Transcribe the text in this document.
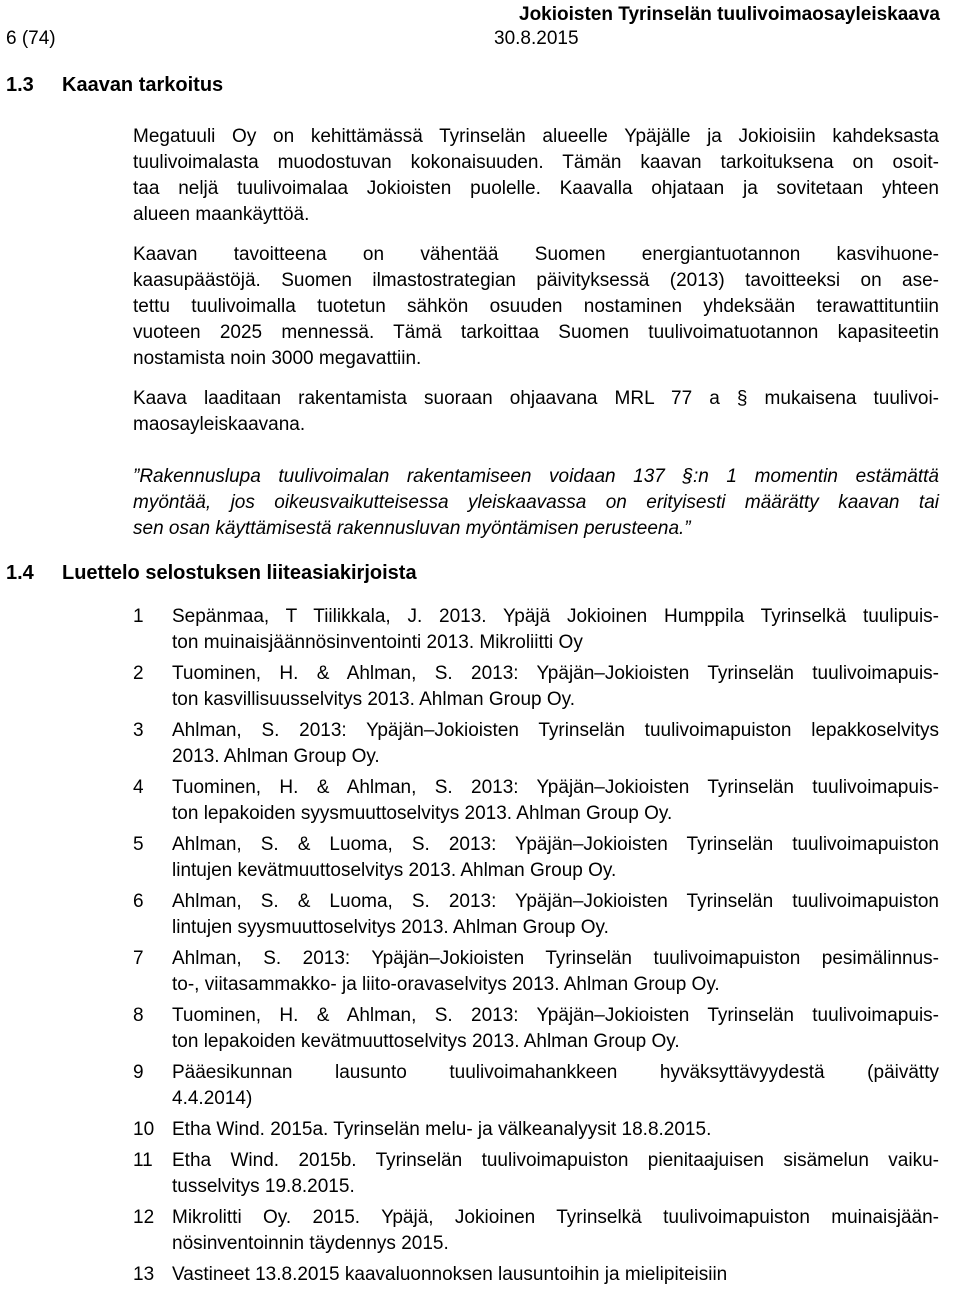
Jokioisten Tyrinselän tuulivoimaosayleiskaava
6 (74)	30.8.2015
1.3 Kaavan tarkoitus
Megatuuli Oy on kehittämässä Tyrinselän alueelle Ypäjälle ja Jokioisiin kahdeksasta
tuulivoimalasta muodostuvan kokonaisuuden. Tämän kaavan tarkoituksena on osoit-
taa neljä tuulivoimalaa Jokioisten puolelle. Kaavalla ohjataan ja sovitetaan yhteen
alueen maankäyttöä.
Kaavan tavoitteena on vähentää Suomen energiantuotannon kasvihuone-
kaasupäästöjä. Suomen ilmastostrategian päivityksessä (2013) tavoitteeksi on ase-
tettu tuulivoimalla tuotetun sähkön osuuden nostaminen yhdeksään terawattituntiin
vuoteen 2025 mennessä. Tämä tarkoittaa Suomen tuulivoimatuotannon kapasiteetin
nostamista noin 3000 megavattiin.
Kaava laaditaan rakentamista suoraan ohjaavana MRL 77 a § mukaisena tuulivoi-
maosayleiskaavana.
”Rakennuslupa tuulivoimalan rakentamiseen voidaan 137 §:n 1 momentin estämättä
myöntää, jos oikeusvaikutteisessa yleiskaavassa on erityisesti määrätty kaavan tai
sen osan käyttämisestä rakennusluvan myöntämisen perusteena.”
1.4 Luettelo selostuksen liiteasiakirjoista
1	Sepänmaa, T Tiilikkala, J. 2013. Ypäjä Jokioinen Humppila Tyrinselkä tuulipuis-
ton muinaisjäännösinventointi 2013. Mikroliitti Oy
2	Tuominen, H. & Ahlman, S. 2013: Ypäjän–Jokioisten Tyrinselän tuulivoimapuis-
ton kasvillisuusselvitys 2013. Ahlman Group Oy.
3	Ahlman, S. 2013: Ypäjän–Jokioisten Tyrinselän tuulivoimapuiston lepakkoselvitys
2013. Ahlman Group Oy.
4	Tuominen, H. & Ahlman, S. 2013: Ypäjän–Jokioisten Tyrinselän tuulivoimapuis-
ton lepakoiden syysmuuttoselvitys 2013. Ahlman Group Oy.
5	Ahlman, S. & Luoma, S. 2013: Ypäjän–Jokioisten Tyrinselän tuulivoimapuiston
lintujen kevätmuuttoselvitys 2013. Ahlman Group Oy.
6	Ahlman, S. & Luoma, S. 2013: Ypäjän–Jokioisten Tyrinselän tuulivoimapuiston
lintujen syysmuuttoselvitys 2013. Ahlman Group Oy.
7	Ahlman, S. 2013: Ypäjän–Jokioisten Tyrinselän tuulivoimapuiston pesimälinnus-
to-, viitasammakko- ja liito-oravaselvitys 2013. Ahlman Group Oy.
8	Tuominen, H. & Ahlman, S. 2013: Ypäjän–Jokioisten Tyrinselän tuulivoimapuis-
ton lepakoiden kevätmuuttoselvitys 2013. Ahlman Group Oy.
9	Pääesikunnan lausunto tuulivoimahankkeen hyväksyttävyydestä (päivätty
4.4.2014)
10 Etha Wind. 2015a. Tyrinselän melu- ja välkeanalyysit 18.8.2015.
11	Etha Wind. 2015b. Tyrinselän tuulivoimapuiston pienitaajuisen sisämelun vaiku-
tusselvitys 19.8.2015.
12 Mikrolitti Oy. 2015. Ypäjä, Jokioinen Tyrinselkä tuulivoimapuiston muinaisjään-
nösinventoinnin täydennys 2015.
13 Vastineet 13.8.2015 kaavaluonnoksen lausuntoihin ja mielipiteisiin
